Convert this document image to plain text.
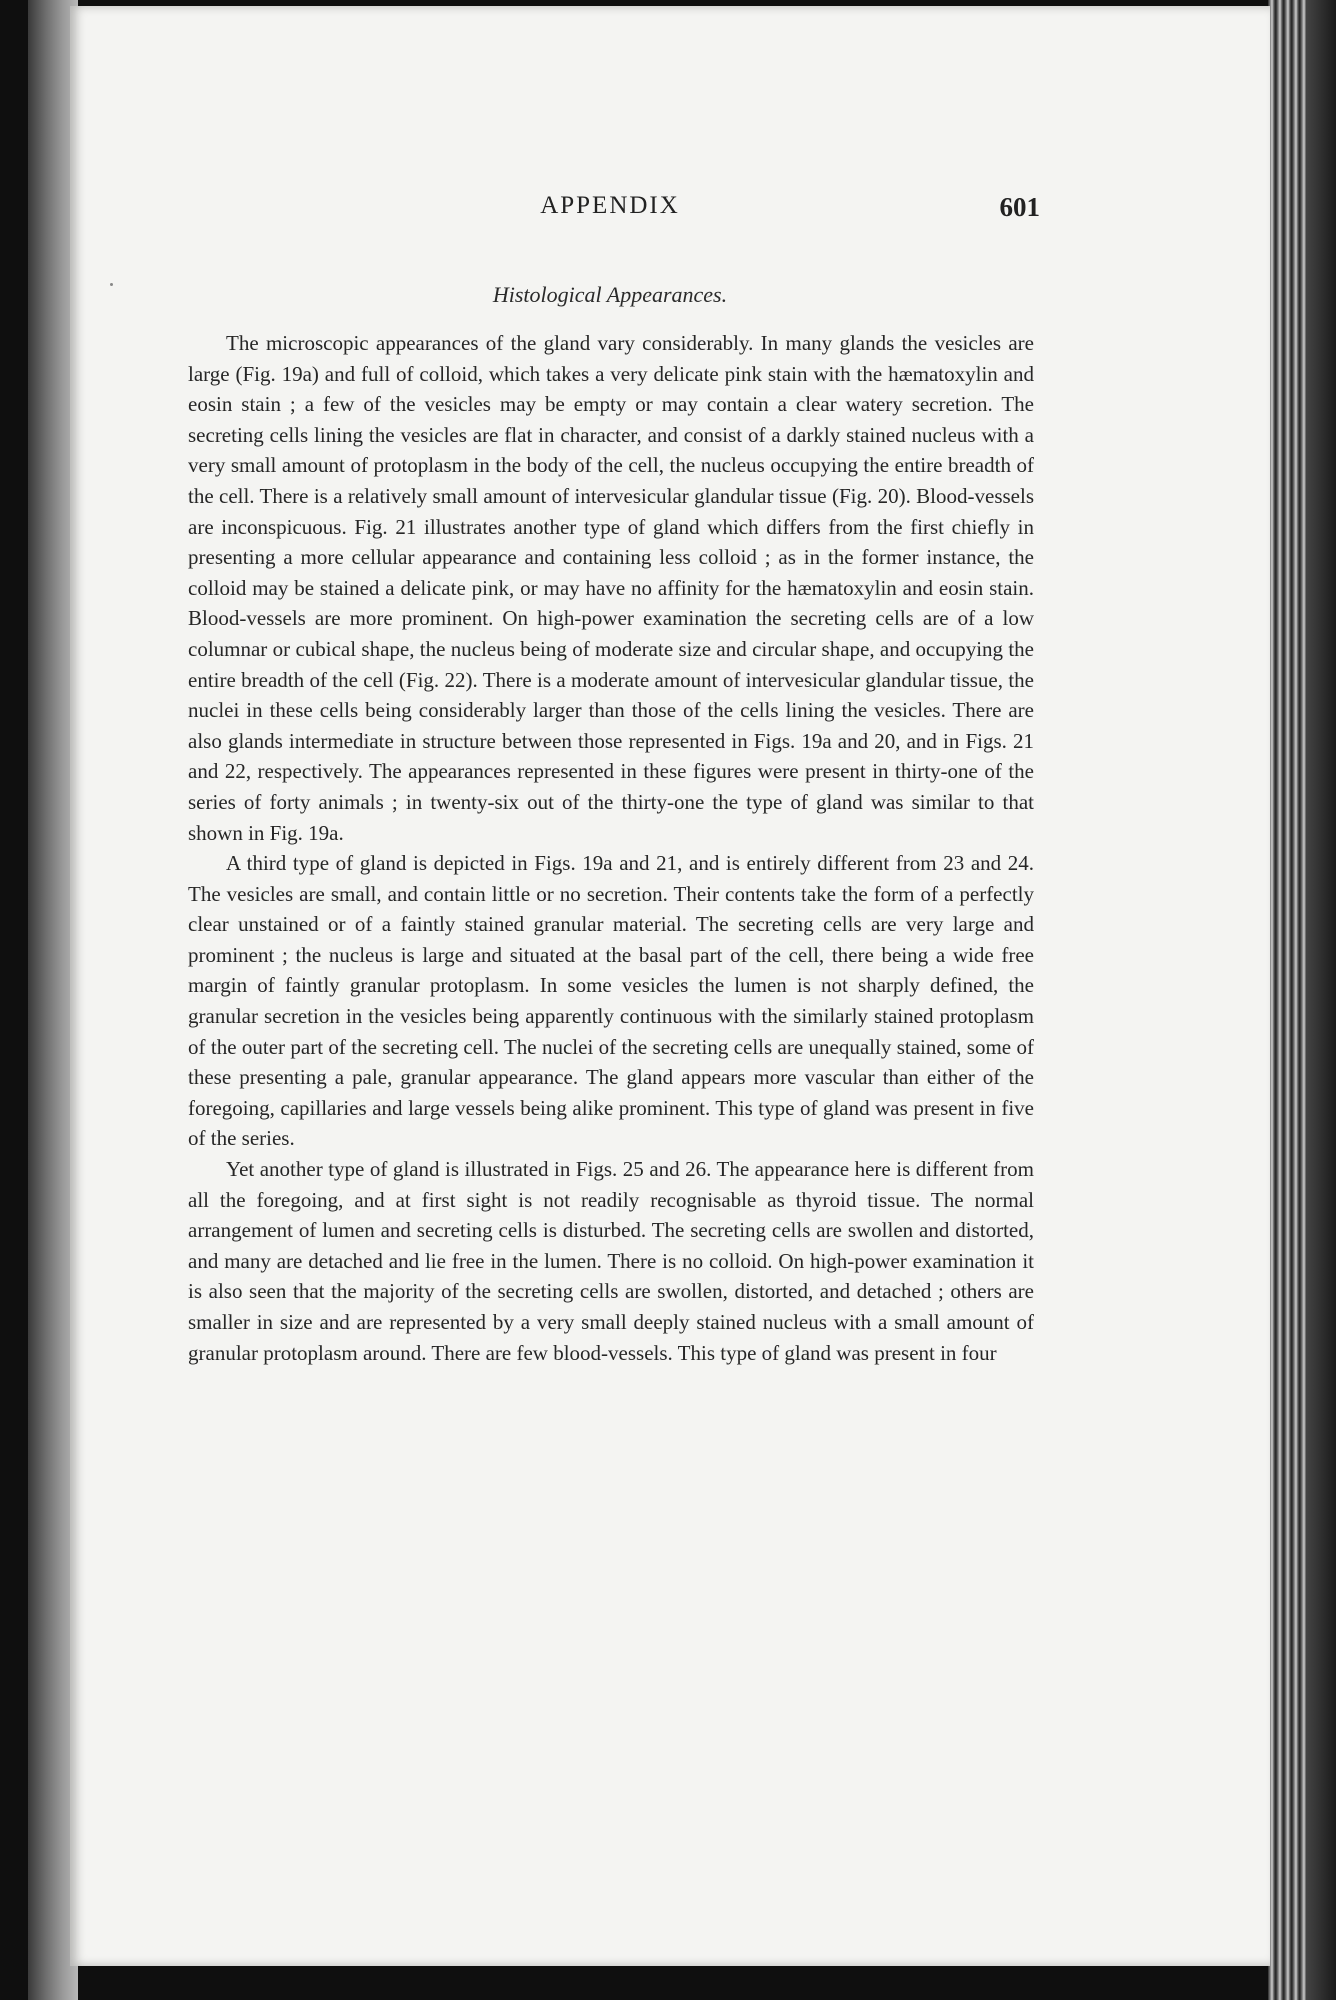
APPENDIX	601
Histological Appearances.

The microscopic appearances of the gland vary considerably. In many glands the vesicles are large (Fig. 19a) and full of colloid, which takes a very delicate pink stain with the hæmatoxylin and eosin stain ; a few of the vesicles may be empty or may contain a clear watery secretion. The secreting cells lining the vesicles are flat in character, and consist of a darkly stained nucleus with a very small amount of protoplasm in the body of the cell, the nucleus occupying the entire breadth of the cell. There is a relatively small amount of intervesicular glandular tissue (Fig. 20). Blood-vessels are inconspicuous. Fig. 21 illustrates another type of gland which differs from the first chiefly in presenting a more cellular appearance and containing less colloid ; as in the former instance, the colloid may be stained a delicate pink, or may have no affinity for the hæmatoxylin and eosin stain. Blood-vessels are more prominent. On high-power examination the secreting cells are of a low columnar or cubical shape, the nucleus being of moderate size and circular shape, and occupying the entire breadth of the cell (Fig. 22). There is a moderate amount of intervesicular glandular tissue, the nuclei in these cells being considerably larger than those of the cells lining the vesicles. There are also glands intermediate in structure between those represented in Figs. 19a and 20, and in Figs. 21 and 22, respectively. The appearances represented in these figures were present in thirty-one of the series of forty animals ; in twenty-six out of the thirty-one the type of gland was similar to that shown in Fig. 19a.

A third type of gland is depicted in Figs. 19a and 21, and is entirely different from 23 and 24. The vesicles are small, and contain little or no secretion. Their contents take the form of a perfectly clear unstained or of a faintly stained granular material. The secreting cells are very large and prominent ; the nucleus is large and situated at the basal part of the cell, there being a wide free margin of faintly granular protoplasm. In some vesicles the lumen is not sharply defined, the granular secretion in the vesicles being apparently continuous with the similarly stained protoplasm of the outer part of the secreting cell. The nuclei of the secreting cells are unequally stained, some of these presenting a pale, granular appearance. The gland appears more vascular than either of the foregoing, capillaries and large vessels being alike prominent. This type of gland was present in five of the series.

Yet another type of gland is illustrated in Figs. 25 and 26. The appearance here is different from all the foregoing, and at first sight is not readily recognisable as thyroid tissue. The normal arrangement of lumen and secreting cells is disturbed. The secreting cells are swollen and distorted, and many are detached and lie free in the lumen. There is no colloid. On high-power examination it is also seen that the majority of the secreting cells are swollen, distorted, and detached ; others are smaller in size and are represented by a very small deeply stained nucleus with a small amount of granular protoplasm around. There are few blood-vessels. This type of gland was present in four
